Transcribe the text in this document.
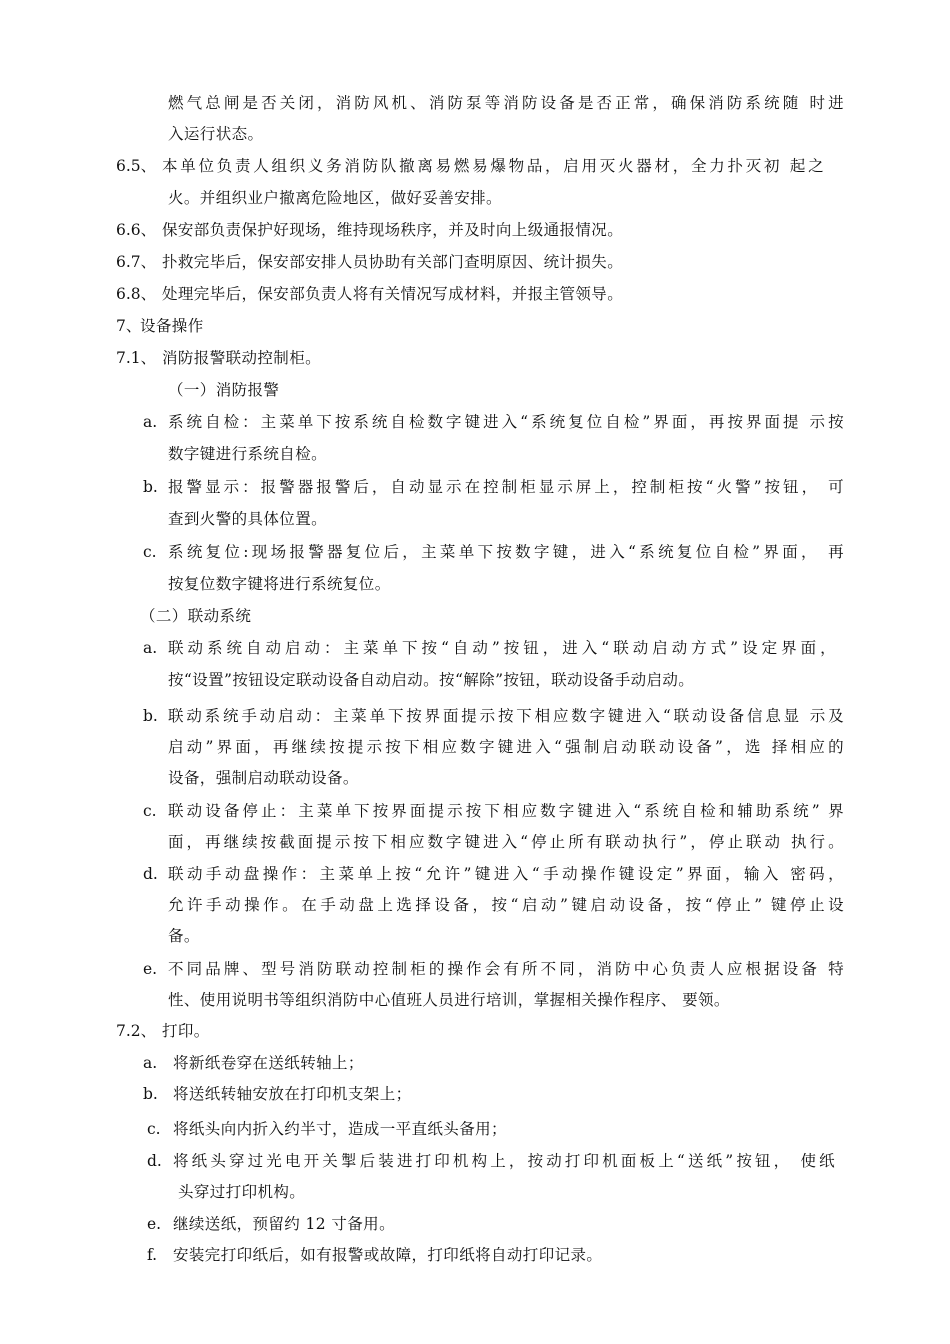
燃气总闸是否关闭，消防风机、消防泵等消防设备是否正常，确保消防系统随 时进
入运行状态。
6.5、 本单位负责人组织义务消防队撤离易燃易爆物品，启用灭火器材，全力扑灭初 起之
火。并组织业户撤离危险地区，做好妥善安排。
6.6、 保安部负责保护好现场，维持现场秩序，并及时向上级通报情况。
6.7、 扑救完毕后，保安部安排人员协助有关部门查明原因、统计损失。
6.8、 处理完毕后，保安部负责人将有关情况写成材料，并报主管领导。
7、
设备操作
7.1、 消防报警联动控制柜。
（一）消防报警
a. 系统自检：主菜单下按系统自检数字键进入“系统复位自检”界面，再按界面提 示按
数字键进行系统自检。
b. 报警显示：报警器报警后，自动显示在控制柜显示屏上，控制柜按“火警”按钮， 可
查到火警的具体位置。
c. 系统复位:现场报警器复位后，主菜单下按数字键，进入“系统复位自检”界面， 再
按复位数字键将进行系统复位。
（二）联动系统
a. 联动系统自动启动：主菜单下按“自动”按钮，进入“联动启动方式”设定界面，
按“设置”按钮设定联动设备自动启动。按“解除”按钮，联动设备手动启动。
b. 联动系统手动启动：主菜单下按界面提示按下相应数字键进入“联动设备信息显 示及
启动”界面，再继续按提示按下相应数字键进入“强制启动联动设备”，选 择相应的
设备，强制启动联动设备。
c. 联动设备停止：主菜单下按界面提示按下相应数字键进入“系统自检和辅助系统” 界
面，再继续按截面提示按下相应数字键进入“停止所有联动执行”，停止联动 执行。
d. 联动手动盘操作：主菜单上按“允许”键进入“手动操作键设定”界面，输入 密码，
允许手动操作。在手动盘上选择设备，按“启动”键启动设备，按“停止” 键停止设
备。
e. 不同品牌、型号消防联动控制柜的操作会有所不同，消防中心负责人应根据设备 特
性、使用说明书等组织消防中心值班人员进行培训，掌握相关操作程序、 要领。
7.2、 打印。
a. 将新纸卷穿在送纸转轴上；
b. 将送纸转轴安放在打印机支架上；
c. 将纸头向内折入约半寸，造成一平直纸头备用；
d. 将纸头穿过光电开关掣后装进打印机构上，按动打印机面板上“送纸”按钮， 使纸
头穿过打印机构。
e. 继续送纸，预留约 12 寸备用。
f. 安装完打印纸后，如有报警或故障，打印纸将自动打印记录。
